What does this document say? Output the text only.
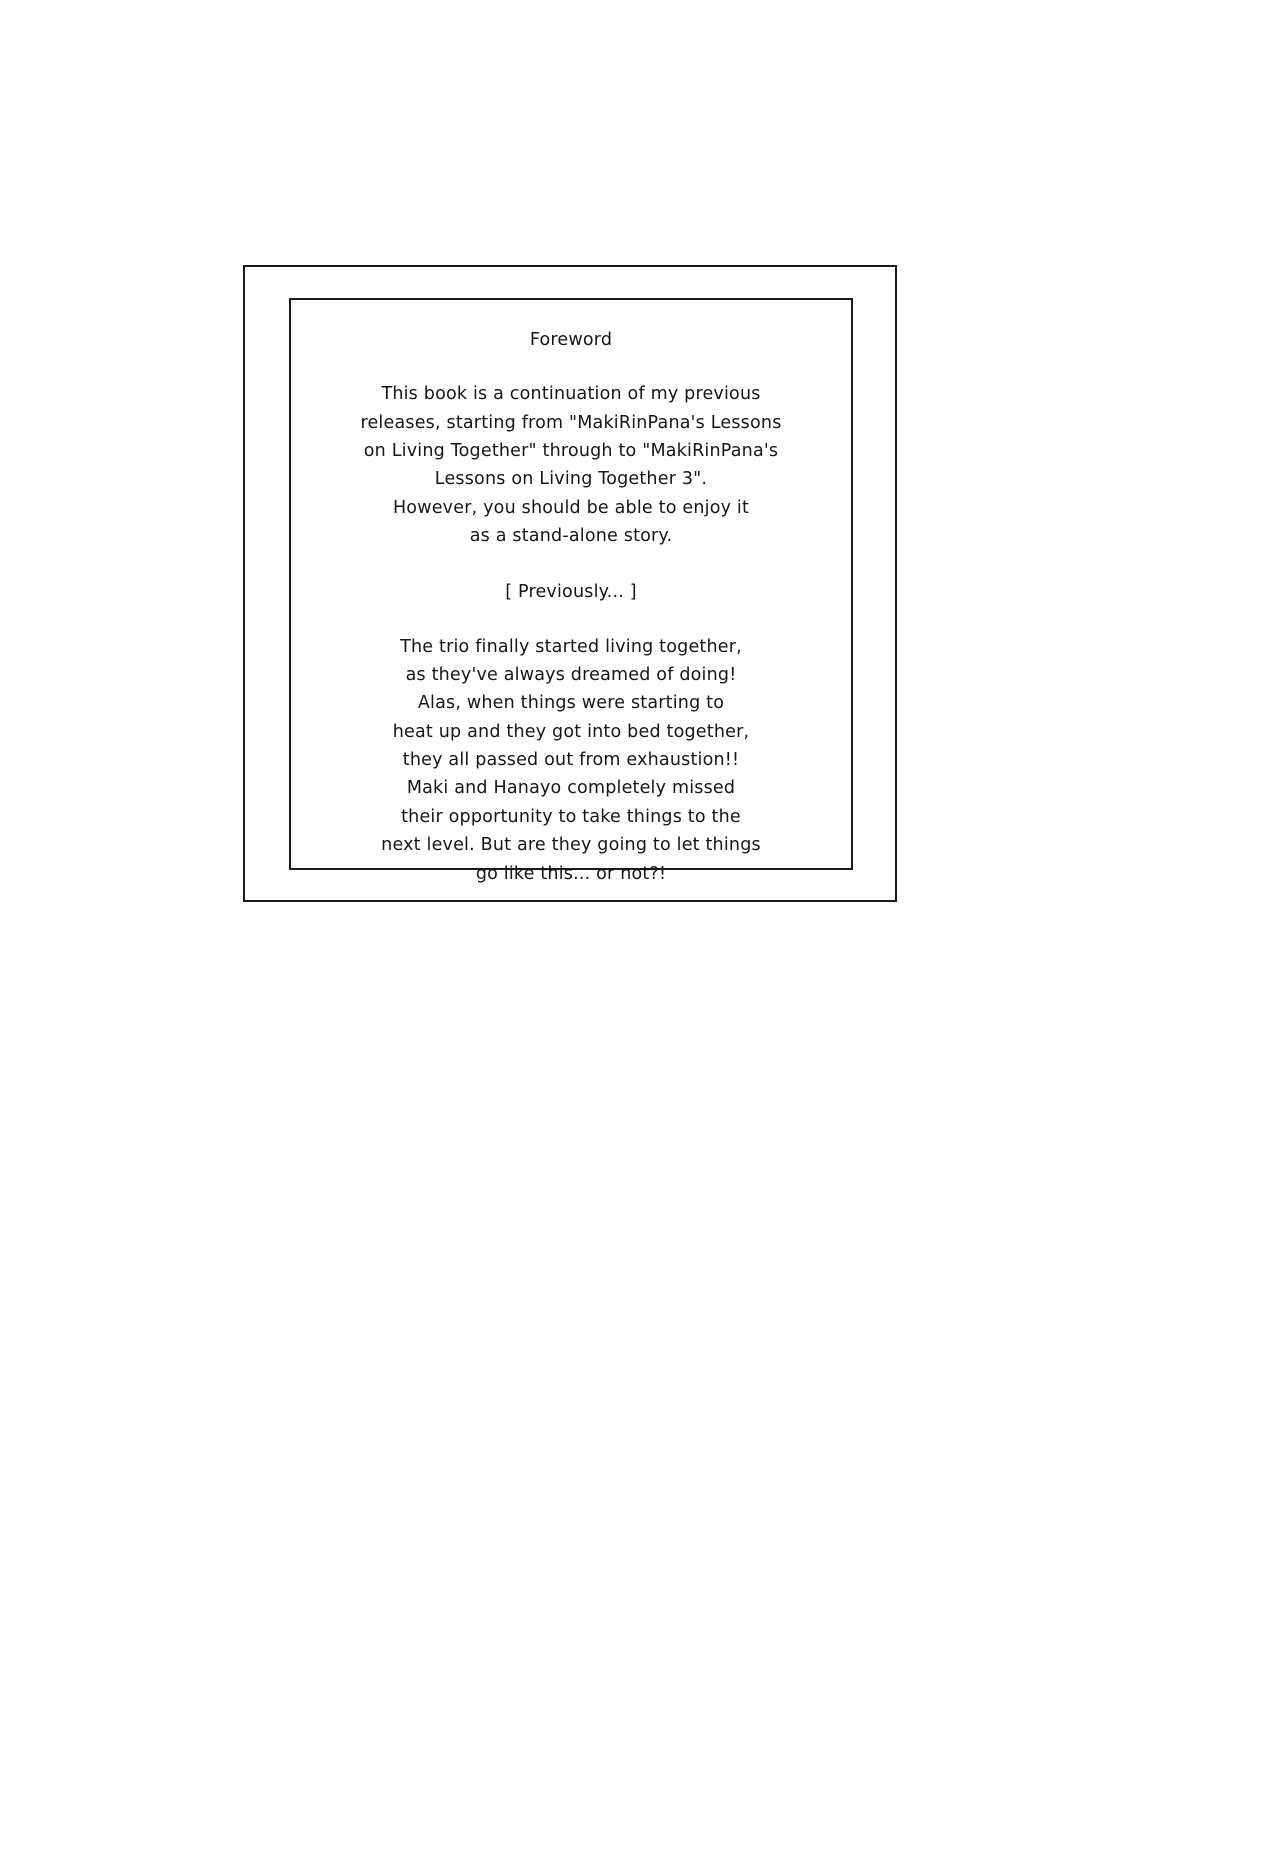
Foreword
This book is a continuation of my previous
releases, starting from "MakiRinPana's Lessons
on Living Together" through to "MakiRinPana's
Lessons on Living Together 3".
However, you should be able to enjoy it
as a stand-alone story.
[ Previously... ]
The trio finally started living together,
as they've always dreamed of doing!
Alas, when things were starting to
heat up and they got into bed together,
they all passed out from exhaustion!!
Maki and Hanayo completely missed
their opportunity to take things to the
next level. But are they going to let things
go like this... or not?!
